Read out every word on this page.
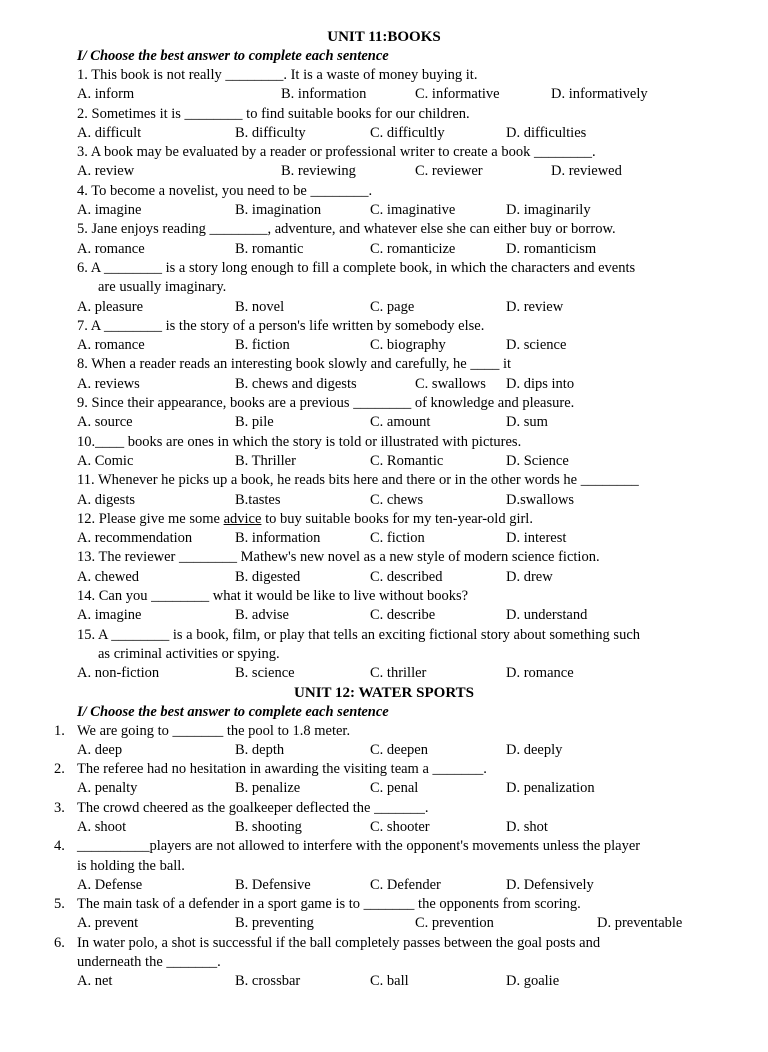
UNIT 11:BOOKS
I/ Choose the best answer to complete each sentence
1. This book is not really ________. It is a waste of money buying it.
A. inform	B. information	C. informative	D. informatively
2. Sometimes it is ________ to find suitable books for our children.
A. difficult	B. difficulty	C. difficultly	D. difficulties
3. A book may be evaluated by a reader or professional writer to create a book ________.
A. review	B. reviewing	C. reviewer	D. reviewed
4. To become a novelist, you need to be ________.
A. imagine	B. imagination	C. imaginative	D. imaginarily
5. Jane enjoys reading ________, adventure, and whatever else she can either buy or borrow.
A. romance	B. romantic	C. romanticize	D. romanticism
6. A ________ is a story long enough to fill a complete book, in which the characters and events
are usually imaginary.
A. pleasure	B. novel	C. page	D. review
7. A ________ is the story of a person's life written by somebody else.
A. romance	B. fiction	C. biography	D. science
8. When a reader reads an interesting book slowly and carefully, he ____ it
A. reviews	B. chews and digests	C. swallows D. dips into
9. Since their appearance, books are a previous ________ of knowledge and pleasure.
A. source	B. pile	C. amount	D. sum
10.____ books are ones in which the story is told or illustrated with pictures.
A. Comic	B. Thriller	C. Romantic	D. Science
11. Whenever he picks up a book, he reads bits here and there or in the other words he ________
A. digests	B.tastes	C. chews	D.swallows
12. Please give me some advice to buy suitable books for my ten-year-old girl.
A. recommendation	B. information	C. fiction	D. interest
13. The reviewer ________ Mathew's new novel as a new style of modern science fiction.
A. chewed	B. digested	C. described	D. drew
14. Can you ________ what it would be like to live without books?
A. imagine	B. advise	C. describe	D. understand
15. A ________ is a book, film, or play that tells an exciting fictional story about something such
as criminal activities or spying.
A. non-fiction	B. science	C. thriller	D. romance
UNIT 12: WATER SPORTS
I/ Choose the best answer to complete each sentence
1. We are going to _______ the pool to 1.8 meter.
A. deep	B. depth	C. deepen	D. deeply
2. The referee had no hesitation in awarding the visiting team a _______.
A. penalty	B. penalize	C. penal	D. penalization
3. The crowd cheered as the goalkeeper deflected the _______.
A. shoot	B. shooting	C. shooter	D. shot
4. __________players are not allowed to interfere with the opponent's movements unless the player
is holding the ball.
A. Defense	B. Defensive	C. Defender	D. Defensively
5. The main task of a defender in a sport game is to _______ the opponents from scoring.
A. prevent	B. preventing	C. prevention	D. preventable
6. In water polo, a shot is successful if the ball completely passes between the goal posts and
underneath the _______.
A. net	B. crossbar	C. ball	D. goalie
